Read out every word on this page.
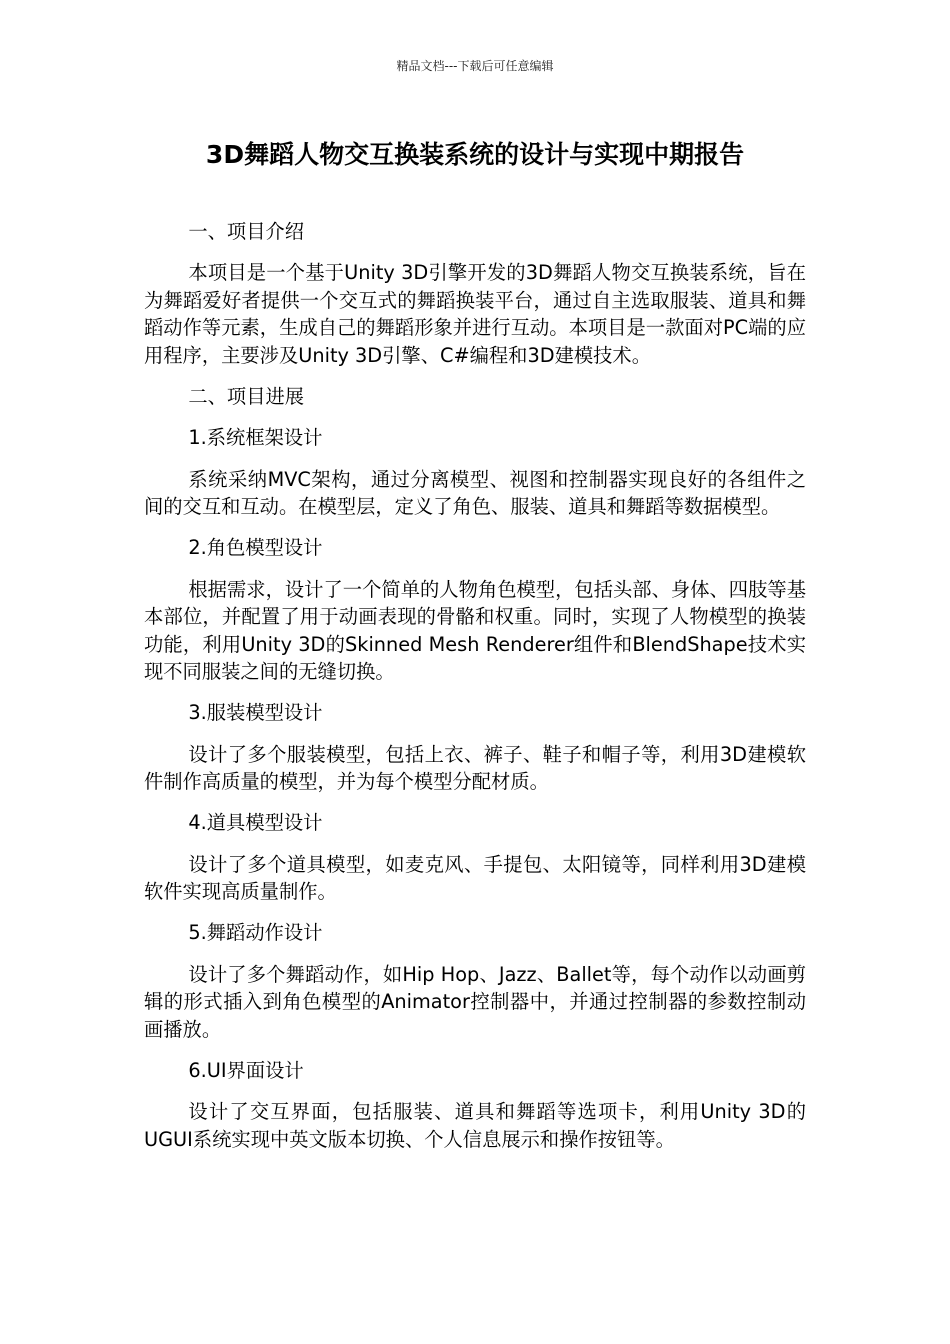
精品文档---下载后可任意编辑
3D舞蹈人物交互换装系统的设计与实现中期报告

一、项目介绍

本项目是一个基于Unity 3D引擎开发的3D舞蹈人物交互换装系统，旨在为舞蹈爱好者提供一个交互式的舞蹈换装平台，通过自主选取服装、道具和舞蹈动作等元素，生成自己的舞蹈形象并进行互动。本项目是一款面对PC端的应用程序，主要涉及Unity 3D引擎、C#编程和3D建模技术。

二、项目进展

1.系统框架设计

系统采纳MVC架构，通过分离模型、视图和控制器实现良好的各组件之间的交互和互动。在模型层，定义了角色、服装、道具和舞蹈等数据模型。

2.角色模型设计

根据需求，设计了一个简单的人物角色模型，包括头部、身体、四肢等基本部位，并配置了用于动画表现的骨骼和权重。同时，实现了人物模型的换装功能，利用Unity 3D的Skinned Mesh Renderer组件和BlendShape技术实现不同服装之间的无缝切换。

3.服装模型设计

设计了多个服装模型，包括上衣、裤子、鞋子和帽子等，利用3D建模软件制作高质量的模型，并为每个模型分配材质。

4.道具模型设计

设计了多个道具模型，如麦克风、手提包、太阳镜等，同样利用3D建模软件实现高质量制作。

5.舞蹈动作设计

设计了多个舞蹈动作，如Hip Hop、Jazz、Ballet等，每个动作以动画剪辑的形式插入到角色模型的Animator控制器中，并通过控制器的参数控制动画播放。

6.UI界面设计

设计了交互界面，包括服装、道具和舞蹈等选项卡，利用Unity 3D的UGUI系统实现中英文版本切换、个人信息展示和操作按钮等。
